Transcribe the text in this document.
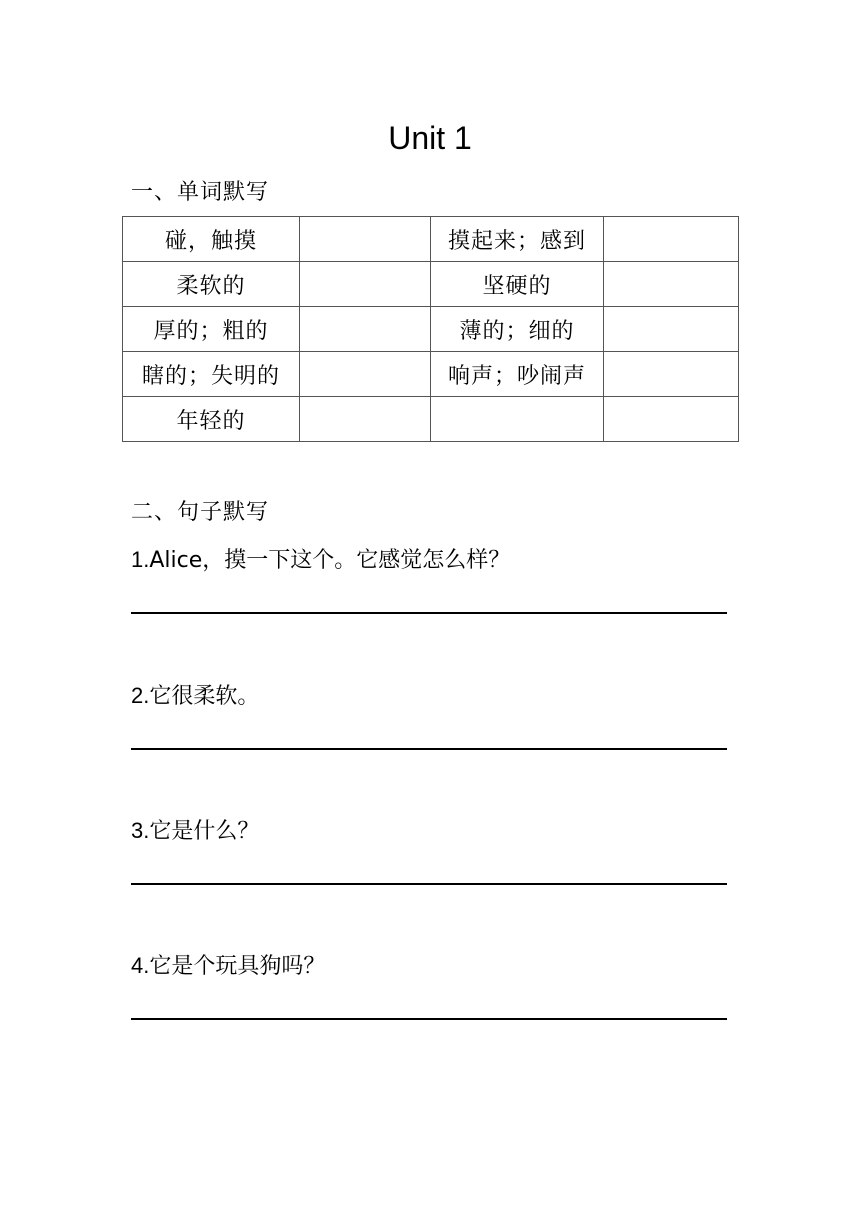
Unit 1
一、单词默写
碰，触摸		摸起来；感到	
柔软的		坚硬的	
厚的；粗的		薄的；细的	
瞎的；失明的		响声；吵闹声	
年轻的			
二、句子默写
1.Alice，摸一下这个。它感觉怎么样？
2.它很柔软。
3.它是什么？
4.它是个玩具狗吗？
